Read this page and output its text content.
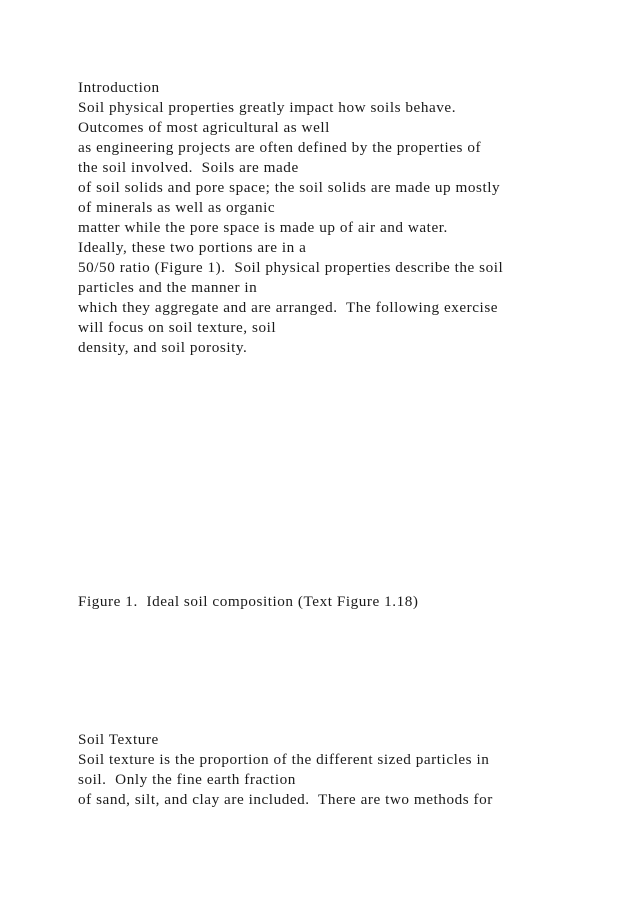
Introduction

Soil physical properties greatly impact how soils behave.

Outcomes of most agricultural as well

as engineering projects are often defined by the properties of

the soil involved.  Soils are made

of soil solids and pore space; the soil solids are made up mostly

of minerals as well as organic

matter while the pore space is made up of air and water.

Ideally, these two portions are in a

50/50 ratio (Figure 1).  Soil physical properties describe the soil

particles and the manner in

which they aggregate and are arranged.  The following exercise

will focus on soil texture, soil

density, and soil porosity.

Figure 1.  Ideal soil composition (Text Figure 1.18)

Soil Texture

Soil texture is the proportion of the different sized particles in

soil.  Only the fine earth fraction

of sand, silt, and clay are included.  There are two methods for
